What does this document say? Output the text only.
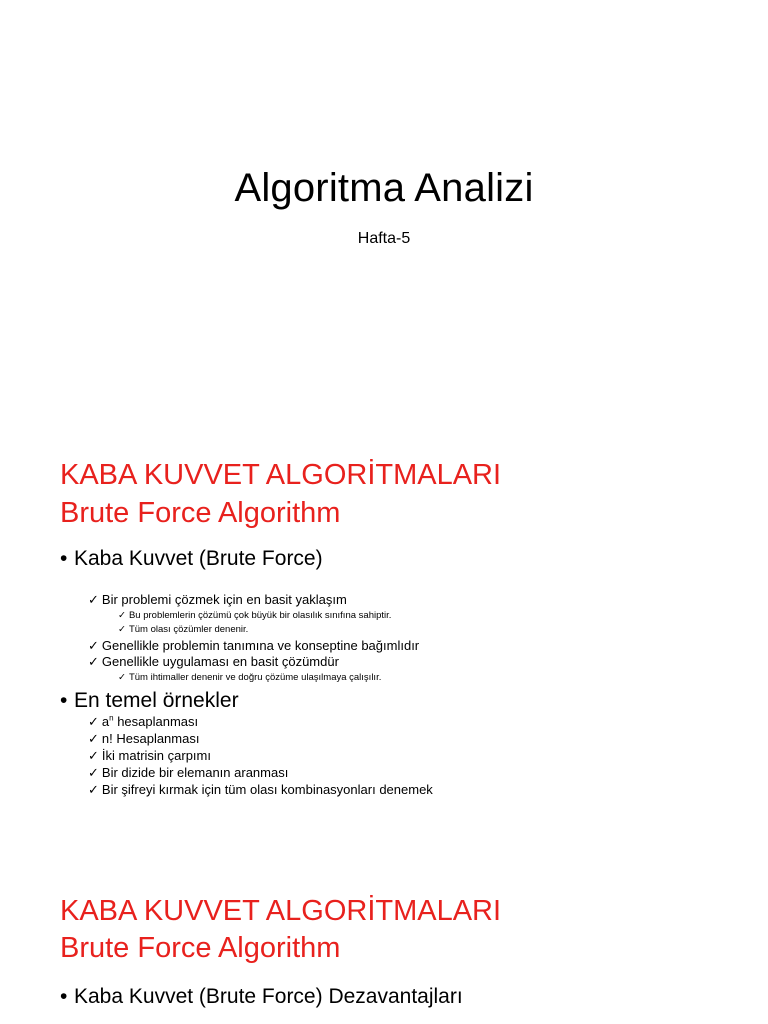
Algoritma Analizi
Hafta-5
KABA KUVVET ALGORİTMALARI
Brute Force Algorithm
• Kaba Kuvvet (Brute Force)
✓ Bir problemi çözmek için en basit yaklaşım
✓ Bu problemlerin çözümü çok büyük bir olasılık sınıfına sahiptir.
✓ Tüm olası çözümler denenir.
✓ Genellikle problemin tanımına ve konseptine bağımlıdır
✓ Genellikle uygulaması en basit çözümdür
✓ Tüm ihtimaller denenir ve doğru çözüme ulaşılmaya çalışılır.
• En temel örnekler
✓ $a^n$ hesaplanması
✓ n! Hesaplanması
✓ İki matrisin çarpımı
✓ Bir dizide bir elemanın aranması
✓ Bir şifreyi kırmak için tüm olası kombinasyonları denemek
KABA KUVVET ALGORİTMALARI
Brute Force Algorithm
• Kaba Kuvvet (Brute Force) Dezavantajları
